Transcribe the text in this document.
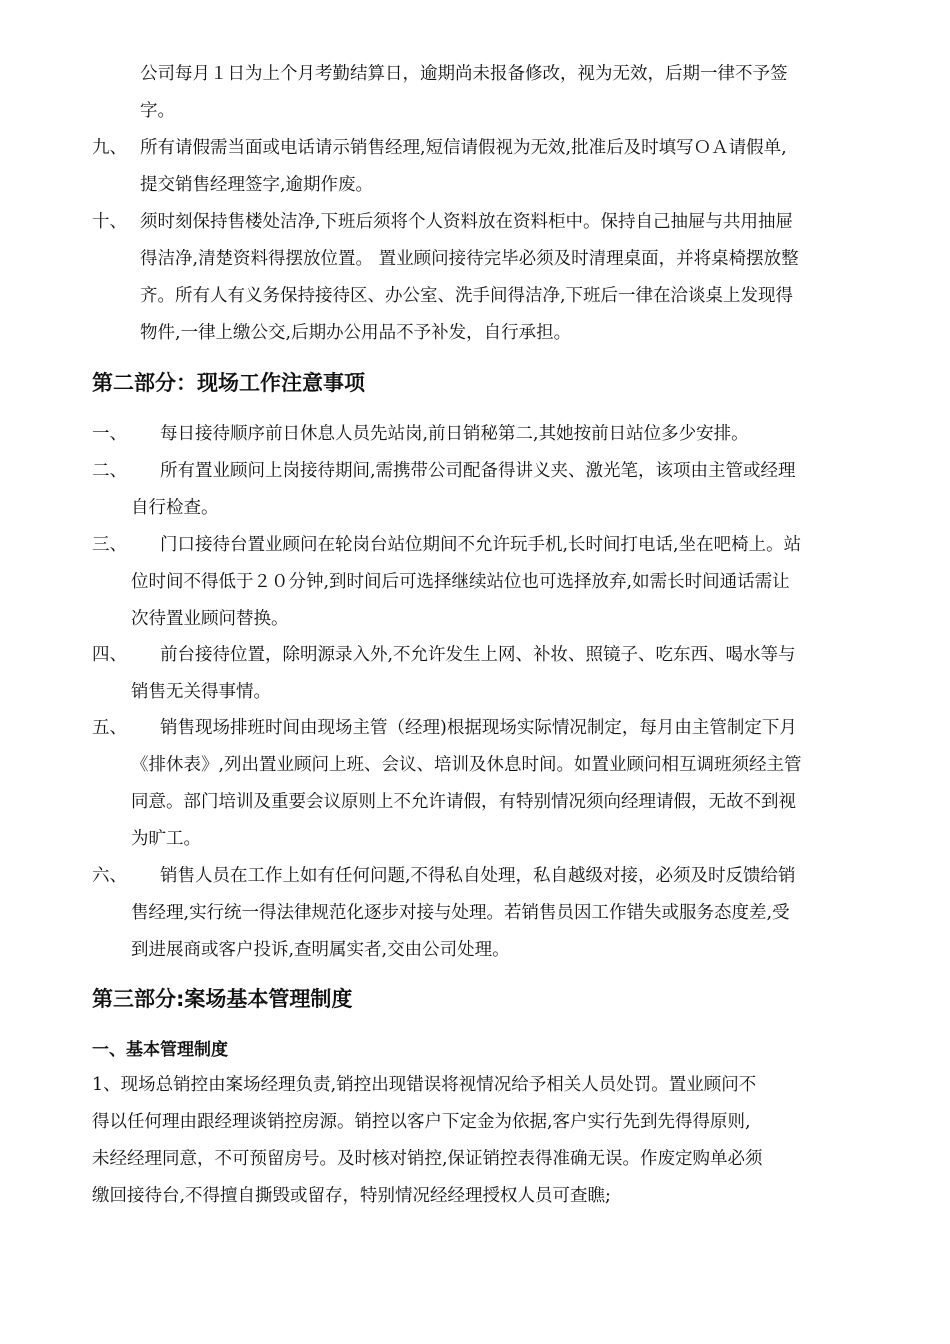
公司每月１日为上个月考勤结算日，逾期尚未报备修改，视为无效，后期一律不予签
字。
九、 所有请假需当面或电话请示销售经理,短信请假视为无效,批准后及时填写ＯＡ请假单,
提交销售经理签字,逾期作废。
十、 须时刻保持售楼处洁净,下班后须将个人资料放在资料柜中。保持自己抽屉与共用抽屉
得洁净,清楚资料得摆放位置。 置业顾问接待完毕必须及时清理桌面，并将桌椅摆放整
齐。所有人有义务保持接待区、办公室、洗手间得洁净,下班后一律在洽谈桌上发现得
物件,一律上缴公交,后期办公用品不予补发，自行承担。
第二部分：现场工作注意事项
一、 每日接待顺序前日休息人员先站岗,前日销秘第二,其她按前日站位多少安排。
二、 所有置业顾问上岗接待期间,需携带公司配备得讲义夹、激光笔，该项由主管或经理
自行检查。
三、 门口接待台置业顾问在轮岗台站位期间不允许玩手机,长时间打电话,坐在吧椅上。站
位时间不得低于２０分钟,到时间后可选择继续站位也可选择放弃,如需长时间通话需让
次待置业顾问替换。
四、 前台接待位置，除明源录入外,不允许发生上网、补妆、照镜子、吃东西、喝水等与
销售无关得事情。
五、 销售现场排班时间由现场主管（经理)根据现场实际情况制定，每月由主管制定下月
《排休表》,列出置业顾问上班、会议、培训及休息时间。如置业顾问相互调班须经主管
同意。部门培训及重要会议原则上不允许请假，有特别情况须向经理请假，无故不到视
为旷工。
六、 销售人员在工作上如有任何问题,不得私自处理，私自越级对接，必须及时反馈给销
售经理,实行统一得法律规范化逐步对接与处理。若销售员因工作错失或服务态度差,受
到进展商或客户投诉,查明属实者,交由公司处理。
第三部分:案场基本管理制度
一、基本管理制度
1、现场总销控由案场经理负责,销控出现错误将视情况给予相关人员处罚。置业顾问不
得以任何理由跟经理谈销控房源。销控以客户下定金为依据,客户实行先到先得得原则,
未经经理同意，不可预留房号。及时核对销控,保证销控表得准确无误。作废定购单必须
缴回接待台,不得擅自撕毁或留存，特别情况经经理授权人员可查瞧;
